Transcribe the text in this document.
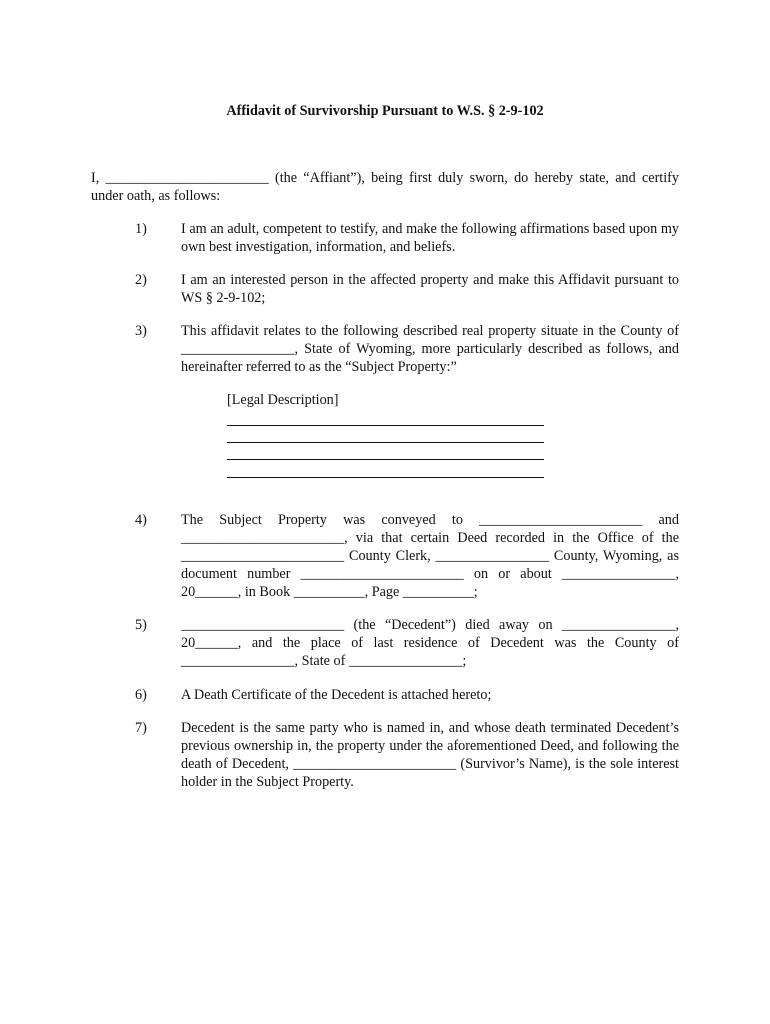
Affidavit of Survivorship Pursuant to W.S. § 2-9-102
I, _______________________ (the “Affiant”), being first duly sworn, do hereby state, and certify under oath, as follows:
1) I am an adult, competent to testify, and make the following affirmations based upon my own best investigation, information, and beliefs.
2) I am an interested person in the affected property and make this Affidavit pursuant to WS § 2-9-102;
3) This affidavit relates to the following described real property situate in the County of ________________, State of Wyoming, more particularly described as follows, and hereinafter referred to as the “Subject Property:”
[Legal Description]
4) The Subject Property was conveyed to _______________________ and _______________________, via that certain Deed recorded in the Office of the _______________________ County Clerk, ________________ County, Wyoming, as document number _______________________ on or about ________________, 20______, in Book __________, Page __________;
5) _______________________ (the “Decedent”) died away on ________________, 20______, and the place of last residence of Decedent was the County of ________________, State of ________________;
6) A Death Certificate of the Decedent is attached hereto;
7) Decedent is the same party who is named in, and whose death terminated Decedent’s previous ownership in, the property under the aforementioned Deed, and following the death of Decedent, _______________________ (Survivor’s Name), is the sole interest holder in the Subject Property.
